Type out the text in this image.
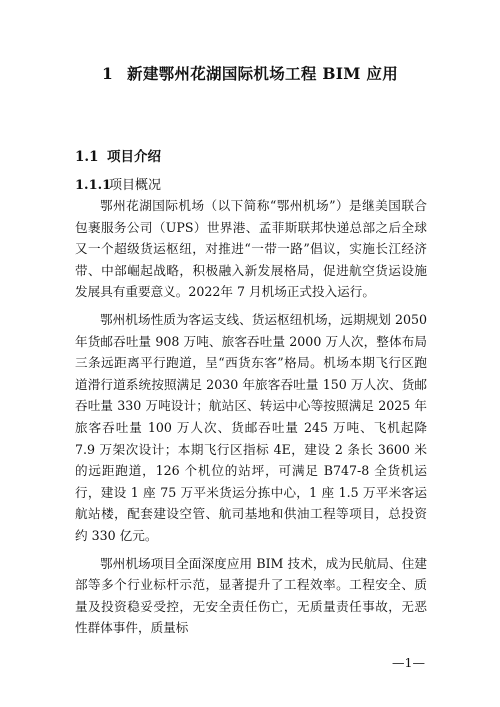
1 新建鄂州花湖国际机场工程 BIM 应用
1.1 项目介绍
1.1.1项目概况

鄂州花湖国际机场（以下简称“鄂州机场”）是继美国联合包裹服务公司（UPS）世界港、孟菲斯联邦快递总部之后全球又一个超级货运枢纽，对推进“一带一路”倡议，实施长江经济带、中部崛起战略，积极融入新发展格局，促进航空货运设施发展具有重要意义。2022年 7 月机场正式投入运行。

鄂州机场性质为客运支线、货运枢纽机场，远期规划 2050 年货邮吞吐量 908 万吨、旅客吞吐量 2000 万人次，整体布局三条远距离平行跑道，呈“西货东客”格局。机场本期飞行区跑道滑行道系统按照满足 2030 年旅客吞吐量 150 万人次、货邮吞吐量 330 万吨设计；航站区、转运中心等按照满足 2025 年旅客吞吐量 100 万人次、货邮吞吐量 245 万吨、飞机起降 7.9 万架次设计；本期飞行区指标 4E，建设 2 条长 3600 米的远距跑道，126 个机位的站坪，可满足 B747-8 全货机运行，建设 1 座 75 万平米货运分拣中心，1 座 1.5 万平米客运航站楼，配套建设空管、航司基地和供油工程等项目，总投资约 330 亿元。

鄂州机场项目全面深度应用 BIM 技术，成为民航局、住建部等多个行业标杆示范，显著提升了工程效率。工程安全、质量及投资稳妥受控，无安全责任伤亡，无质量责任事故，无恶性群体事件，质量标

—1—
